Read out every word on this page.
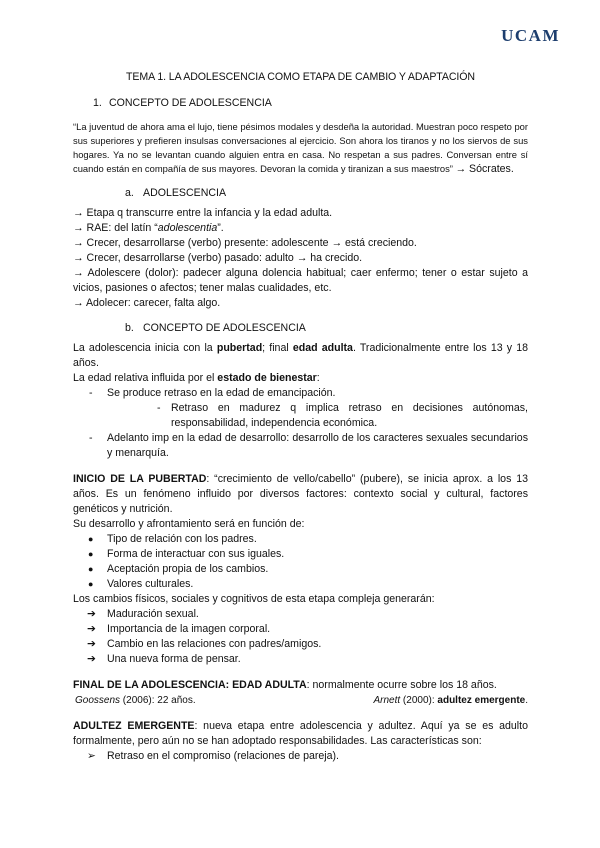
UCAM

TEMA 1. LA ADOLESCENCIA COMO ETAPA DE CAMBIO Y ADAPTACIÓN

1. CONCEPTO DE ADOLESCENCIA

“La juventud de ahora ama el lujo, tiene pésimos modales y desdeña la autoridad. Muestran poco respeto por sus superiores y prefieren insulsas conversaciones al ejercicio. Son ahora los tiranos y no los siervos de sus hogares. Ya no se levantan cuando alguien entra en casa. No respetan a sus padres. Conversan entre sí cuando están en compañía de sus mayores. Devoran la comida y tiranizan a sus maestros” → Sócrates.

a. ADOLESCENCIA

→ Etapa q transcurre entre la infancia y la edad adulta.

→ RAE: del latín “adolescentia”.

→ Crecer, desarrollarse (verbo) presente: adolescente → está creciendo.

→ Crecer, desarrollarse (verbo) pasado: adulto → ha crecido.

→ Adolescere (dolor): padecer alguna dolencia habitual; caer enfermo; tener o estar sujeto a vicios, pasiones o afectos; tener malas cualidades, etc.

→ Adolecer: carecer, falta algo.

b. CONCEPTO DE ADOLESCENCIA

La adolescencia inicia con la pubertad; final edad adulta. Tradicionalmente entre los 13 y 18 años.

La edad relativa influida por el estado de bienestar:

- Se produce retraso en la edad de emancipación.
- Retraso en madurez q implica retraso en decisiones autónomas, responsabilidad, independencia económica.
- Adelanto imp en la edad de desarrollo: desarrollo de los caracteres sexuales secundarios y menarquía.

INICIO DE LA PUBERTAD: “crecimiento de vello/cabello” (pubere), se inicia aprox. a los 13 años. Es un fenómeno influido por diversos factores: contexto social y cultural, factores genéticos y nutrición.

Su desarrollo y afrontamiento será en función de:

● Tipo de relación con los padres.
● Forma de interactuar con sus iguales.
● Aceptación propia de los cambios.
● Valores culturales.

Los cambios físicos, sociales y cognitivos de esta etapa compleja generarán:

➔ Maduración sexual.
➔ Importancia de la imagen corporal.
➔ Cambio en las relaciones con padres/amigos.
➔ Una nueva forma de pensar.

FINAL DE LA ADOLESCENCIA: EDAD ADULTA: normalmente ocurre sobre los 18 años.

Goossens (2006): 22 años.	Arnett (2000): adultez emergente.

ADULTEZ EMERGENTE: nueva etapa entre adolescencia y adultez. Aquí ya se es adulto formalmente, pero aún no se han adoptado responsabilidades. Las características son:

➢ Retraso en el compromiso (relaciones de pareja).
